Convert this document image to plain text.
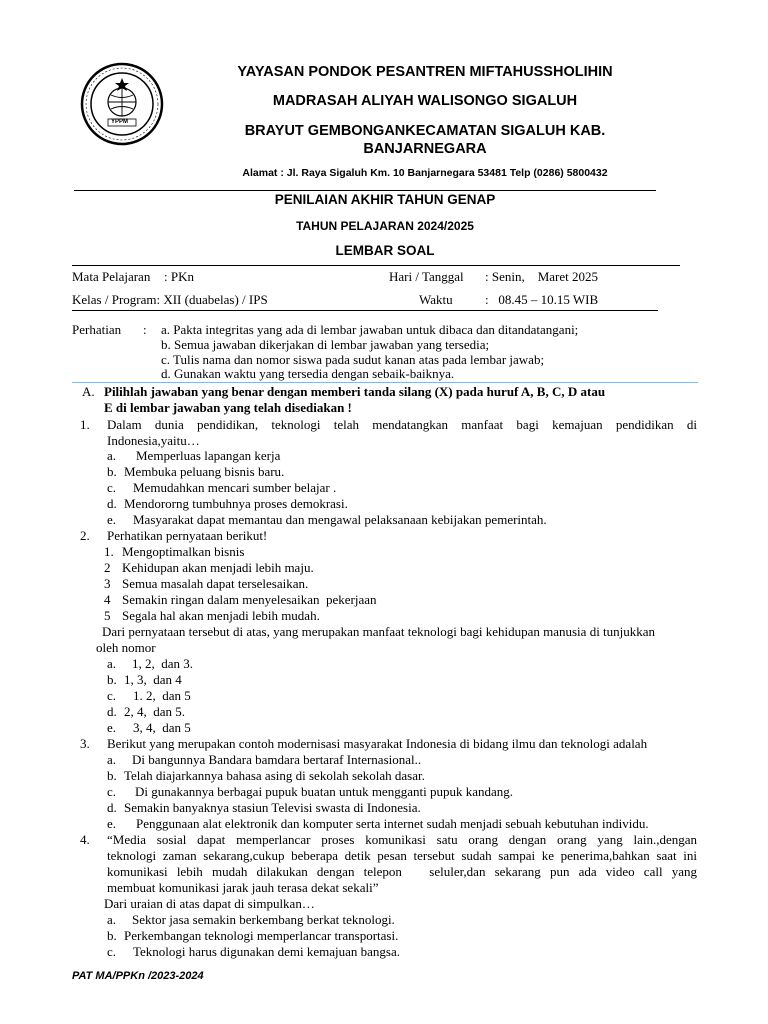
YPPM
YAYASAN PONDOK PESANTREN MIFTAHUSSHOLIHIN
MADRASAH ALIYAH WALISONGO SIGALUH
BRAYUT GEMBONGANKECAMATAN SIGALUH KAB.
BANJARNEGARA
Alamat : Jl. Raya Sigaluh Km. 10 Banjarnegara 53481 Telp (0286) 5800432
PENILAIAN AKHIR TAHUN GENAP
TAHUN PELAJARAN 2024/2025
LEMBAR SOAL
Mata Pelajaran : PKn	Hari / Tanggal : Senin,    Maret 2025
Kelas / Program: XII (duabelas) / IPS	Waktu :   08.45 – 10.15 WIB
Perhatian : a. Pakta integritas yang ada di lembar jawaban untuk dibaca dan ditandatangani;
b. Semua jawaban dikerjakan di lembar jawaban yang tersedia;
c. Tulis nama dan nomor siswa pada sudut kanan atas pada lembar jawab;
d. Gunakan waktu yang tersedia dengan sebaik-baiknya.
A. Pilihlah jawaban yang benar dengan memberi tanda silang (X) pada huruf A, B, C, D atau
E di lembar jawaban yang telah disediakan !
1. Dalam dunia pendidikan, teknologi telah mendatangkan manfaat bagi kemajuan pendidikan di
Indonesia,yaitu…
a. Memperluas lapangan kerja
b. Membuka peluang bisnis baru.
c. Memudahkan mencari sumber belajar .
d. Mendororng tumbuhnya proses demokrasi.
e. Masyarakat dapat memantau dan mengawal pelaksanaan kebijakan pemerintah.
2. Perhatikan pernyataan berikut!
1. Mengoptimalkan bisnis
2 Kehidupan akan menjadi lebih maju.
3 Semua masalah dapat terselesaikan.
4 Semakin ringan dalam menyelesaikan  pekerjaan
5 Segala hal akan menjadi lebih mudah.
Dari pernyataan tersebut di atas, yang merupakan manfaat teknologi bagi kehidupan manusia di tunjukkan
oleh nomor
a. 1, 2,  dan 3.
b. 1, 3,  dan 4
c. 1. 2,  dan 5
d. 2, 4,  dan 5.
e. 3, 4,  dan 5
3. Berikut yang merupakan contoh modernisasi masyarakat Indonesia di bidang ilmu dan teknologi adalah
a. Di bangunnya Bandara bamdara bertaraf Internasional..
b. Telah diajarkannya bahasa asing di sekolah sekolah dasar.
c. Di gunakannya berbagai pupuk buatan untuk mengganti pupuk kandang.
d. Semakin banyaknya stasiun Televisi swasta di Indonesia.
e. Penggunaan alat elektronik dan komputer serta internet sudah menjadi sebuah kebutuhan individu.
4. “Media sosial dapat memperlancar proses komunikasi satu orang dengan orang yang lain.,dengan
teknologi zaman sekarang,cukup beberapa detik pesan tersebut sudah sampai ke penerima,bahkan saat ini
komunikasi lebih mudah dilakukan dengan telepon   seluler,dan sekarang pun ada video call yang
membuat komunikasi jarak jauh terasa dekat sekali”
Dari uraian di atas dapat di simpulkan…
a. Sektor jasa semakin berkembang berkat teknologi.
b. Perkembangan teknologi memperlancar transportasi.
c. Teknologi harus digunakan demi kemajuan bangsa.
PAT MA/PPKn /2023-2024
